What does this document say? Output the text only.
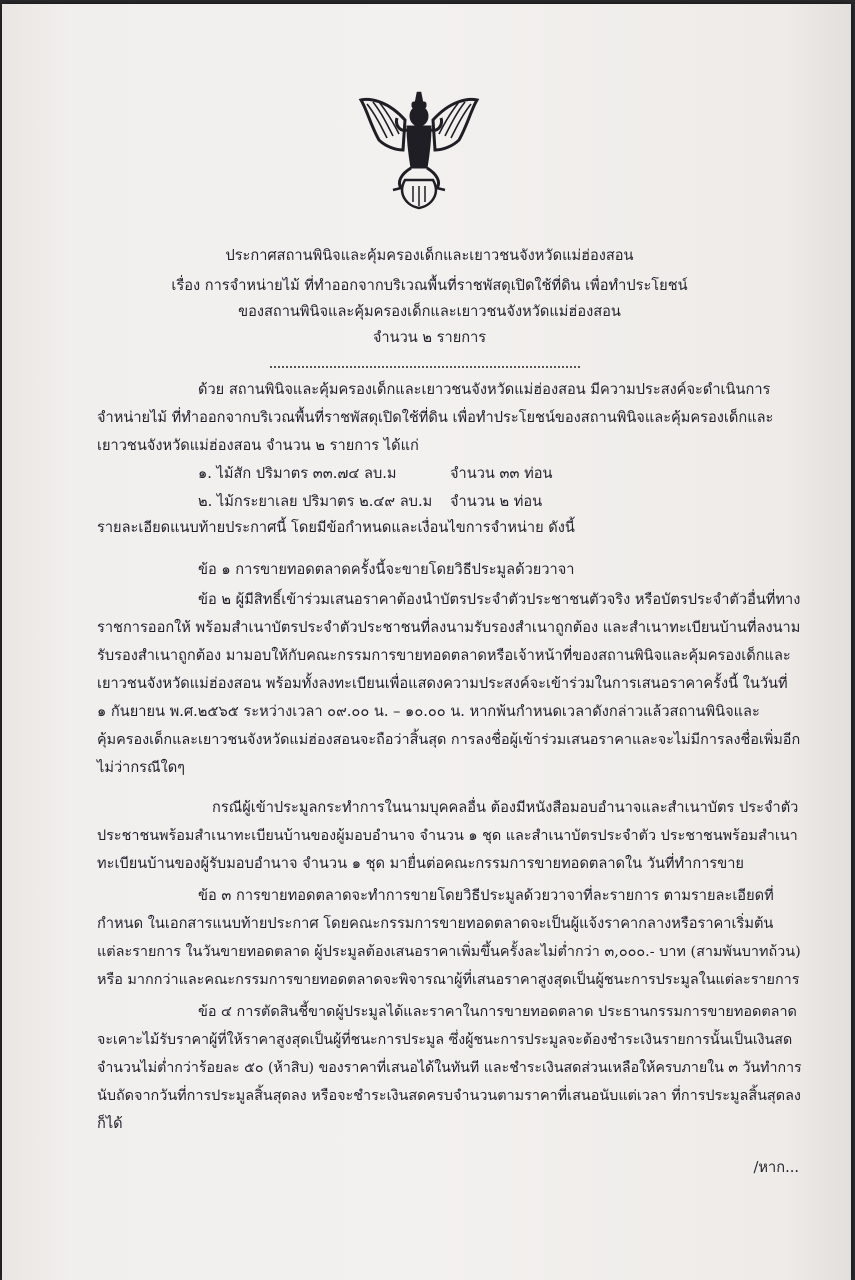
ประกาศสถานพินิจและคุ้มครองเด็กและเยาวชนจังหวัดแม่ฮ่องสอน
เรื่อง การจำหน่ายไม้ ที่ทำออกจากบริเวณพื้นที่ราชพัสดุเปิดใช้ที่ดิน เพื่อทำประโยชน์
ของสถานพินิจและคุ้มครองเด็กและเยาวชนจังหวัดแม่ฮ่องสอน
จำนวน ๒ รายการ
ด้วย สถานพินิจและคุ้มครองเด็กและเยาวชนจังหวัดแม่ฮ่องสอน มีความประสงค์จะดำเนินการ
จำหน่ายไม้ ที่ทำออกจากบริเวณพื้นที่ราชพัสดุเปิดใช้ที่ดิน เพื่อทำประโยชน์ของสถานพินิจและคุ้มครองเด็กและ
เยาวชนจังหวัดแม่ฮ่องสอน จำนวน ๒ รายการ ได้แก่
๑. ไม้สัก ปริมาตร ๓๓.๗๔ ลบ.ม	จำนวน ๓๓ ท่อน
๒. ไม้กระยาเลย ปริมาตร ๒.๔๙ ลบ.ม จำนวน ๒ ท่อน
รายละเอียดแนบท้ายประกาศนี้ โดยมีข้อกำหนดและเงื่อนไขการจำหน่าย ดังนี้
ข้อ ๑ การขายทอดตลาดครั้งนี้จะขายโดยวิธีประมูลด้วยวาจา
ข้อ ๒ ผู้มีสิทธิ์เข้าร่วมเสนอราคาต้องนำบัตรประจำตัวประชาชนตัวจริง หรือบัตรประจำตัวอื่นที่ทาง
ราชการออกให้ พร้อมสำเนาบัตรประจำตัวประชาชนที่ลงนามรับรองสำเนาถูกต้อง และสำเนาทะเบียนบ้านที่ลงนาม
รับรองสำเนาถูกต้อง มามอบให้กับคณะกรรมการขายทอดตลาดหรือเจ้าหน้าที่ของสถานพินิจและคุ้มครองเด็กและ
เยาวชนจังหวัดแม่ฮ่องสอน พร้อมทั้งลงทะเบียนเพื่อแสดงความประสงค์จะเข้าร่วมในการเสนอราคาครั้งนี้ ในวันที่
๑ กันยายน พ.ศ.๒๕๖๕ ระหว่างเวลา ๐๙.๐๐ น. – ๑๐.๐๐ น. หากพ้นกำหนดเวลาดังกล่าวแล้วสถานพินิจและ
คุ้มครองเด็กและเยาวชนจังหวัดแม่ฮ่องสอนจะถือว่าสิ้นสุด การลงชื่อผู้เข้าร่วมเสนอราคาและจะไม่มีการลงชื่อเพิ่มอีก
ไม่ว่ากรณีใดๆ
กรณีผู้เข้าประมูลกระทำการในนามบุคคลอื่น ต้องมีหนังสือมอบอำนาจและสำเนาบัตร ประจำตัว
ประชาชนพร้อมสำเนาทะเบียนบ้านของผู้มอบอำนาจ จำนวน ๑ ชุด และสำเนาบัตรประจำตัว ประชาชนพร้อมสำเนา
ทะเบียนบ้านของผู้รับมอบอำนาจ จำนวน ๑ ชุด มายื่นต่อคณะกรรมการขายทอดตลาดใน วันที่ทำการขาย
ข้อ ๓ การขายทอดตลาดจะทำการขายโดยวิธีประมูลด้วยวาจาที่ละรายการ ตามรายละเอียดที่
กำหนด ในเอกสารแนบท้ายประกาศ โดยคณะกรรมการขายทอดตลาดจะเป็นผู้แจ้งราคากลางหรือราคาเริ่มต้น
แต่ละรายการ ในวันขายทอดตลาด ผู้ประมูลต้องเสนอราคาเพิ่มขึ้นครั้งละไม่ต่ำกว่า ๓,๐๐๐.- บาท (สามพันบาทถ้วน)
หรือ มากกว่าและคณะกรรมการขายทอดตลาดจะพิจารณาผู้ที่เสนอราคาสูงสุดเป็นผู้ชนะการประมูลในแต่ละรายการ
ข้อ ๔ การตัดสินชี้ขาดผู้ประมูลได้และราคาในการขายทอดตลาด ประธานกรรมการขายทอดตลาด
จะเคาะไม้รับราคาผู้ที่ให้ราคาสูงสุดเป็นผู้ที่ชนะการประมูล ซึ่งผู้ชนะการประมูลจะต้องชำระเงินรายการนั้นเป็นเงินสด
จำนวนไม่ต่ำกว่าร้อยละ ๕๐ (ห้าสิบ) ของราคาที่เสนอได้ในทันที และชำระเงินสดส่วนเหลือให้ครบภายใน ๓ วันทำการ
นับถัดจากวันที่การประมูลสิ้นสุดลง หรือจะชำระเงินสดครบจำนวนตามราคาที่เสนอนับแต่เวลา ที่การประมูลสิ้นสุดลง
ก็ได้
/หาก...
